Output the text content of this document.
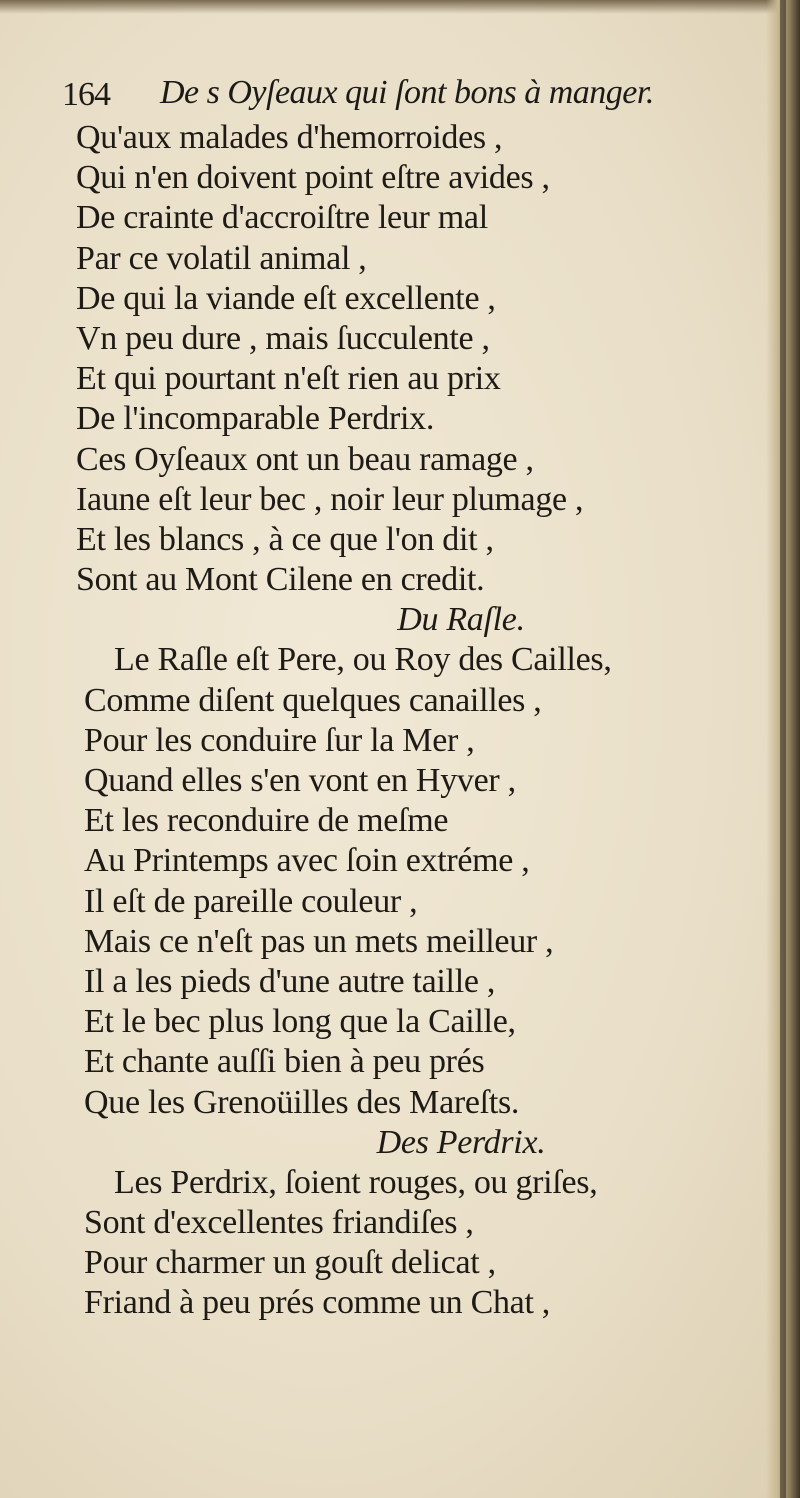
164 De s Oyſeaux qui ſont bons à manger.
Qu'aux malades d'hemorroides ,
Qui n'en doivent point eſtre avides ,
De crainte d'accroiſtre leur mal
Par ce volatil animal ,
De qui la viande eſt excellente ,
Vn peu dure , mais ſucculente ,
Et qui pourtant n'eſt rien au prix
De l'incomparable Perdrix.
Ces Oyſeaux ont un beau ramage ,
Iaune eſt leur bec , noir leur plumage ,
Et les blancs , à ce que l'on dit ,
Sont au Mont Cilene en credit.
Du Raſle.
Le Raſle eſt Pere, ou Roy des Cailles,
Comme diſent quelques canailles ,
Pour les conduire ſur la Mer ,
Quand elles s'en vont en Hyver ,
Et les reconduire de meſme
Au Printemps avec ſoin extréme ,
Il eſt de pareille couleur ,
Mais ce n'eſt pas un mets meilleur ,
Il a les pieds d'une autre taille ,
Et le bec plus long que la Caille,
Et chante auſſi bien à peu prés
Que les Grenoüilles des Mareſts.
Des Perdrix.
Les Perdrix, ſoient rouges, ou griſes,
Sont d'excellentes friandiſes ,
Pour charmer un gouſt delicat ,
Friand à peu prés comme un Chat ,
